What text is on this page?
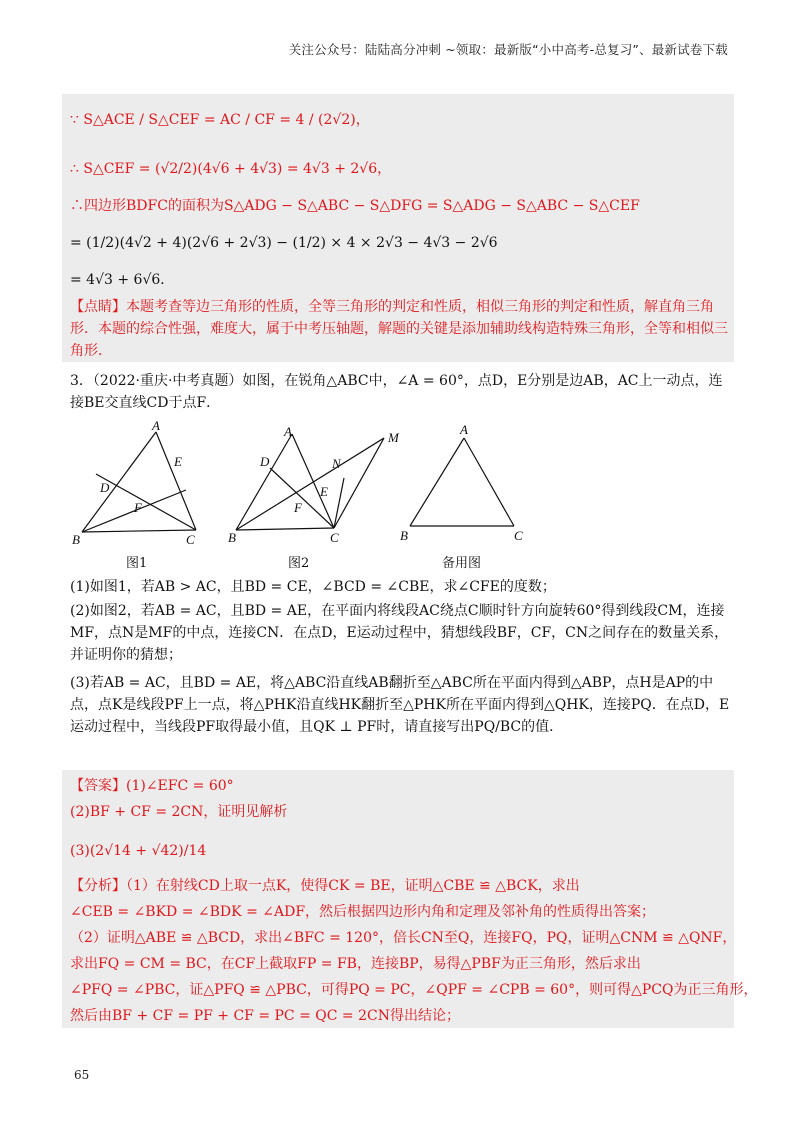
关注公众号：陆陆高分冲刺 ~领取：最新版“小中高考-总复习”、最新试卷下载
∵ S△ACE / S△CEF = AC / CF = 4 / (2√2)，
∴ S△CEF = (√2/2)(4√6 + 4√3) = 4√3 + 2√6，
∴四边形BDFC的面积为S△ADG − S△ABC − S△DFG = S△ADG − S△ABC − S△CEF
= (1/2)(4√2 + 4)(2√6 + 2√3) − (1/2) × 4 × 2√3 − 4√3 − 2√6
= 4√3 + 6√6．
【点睛】本题考查等边三角形的性质，全等三角形的判定和性质，相似三角形的判定和性质，解直角三角形．本题的综合性强，难度大，属于中考压轴题，解题的关键是添加辅助线构造特殊三角形，全等和相似三角形．
3．（2022·重庆·中考真题）如图，在锐角△ABC中，∠A = 60°，点D，E分别是边AB，AC上一动点，连接BE交直线CD于点F．
A
E
D
F
B	C
图1
A	M
D	N
E
F
B	C
图2
A
B	C
备用图
(1)如图1，若AB > AC，且BD = CE，∠BCD = ∠CBE，求∠CFE的度数；
(2)如图2，若AB = AC，且BD = AE，在平面内将线段AC绕点C顺时针方向旋转60°得到线段CM，连接MF，点N是MF的中点，连接CN．在点D，E运动过程中，猜想线段BF，CF，CN之间存在的数量关系，并证明你的猜想；
(3)若AB = AC，且BD = AE，将△ABC沿直线AB翻折至△ABC所在平面内得到△ABP，点H是AP的中点，点K是线段PF上一点，将△PHK沿直线HK翻折至△PHK所在平面内得到△QHK，连接PQ．在点D，E运动过程中，当线段PF取得最小值，且QK ⊥ PF时，请直接写出PQ/BC的值．
【答案】(1)∠EFC = 60°
(2)BF + CF = 2CN，证明见解析
(3)(2√14 + √42)/14
【分析】（1）在射线CD上取一点K，使得CK = BE，证明△CBE ≌ △BCK，求出
∠CEB = ∠BKD = ∠BDK = ∠ADF，然后根据四边形内角和定理及邻补角的性质得出答案；
（2）证明△ABE ≌ △BCD，求出∠BFC = 120°，倍长CN至Q，连接FQ，PQ，证明△CNM ≌ △QNF，
求出FQ = CM = BC，在CF上截取FP = FB，连接BP，易得△PBF为正三角形，然后求出
∠PFQ = ∠PBC，证△PFQ ≌ △PBC，可得PQ = PC，∠QPF = ∠CPB = 60°，则可得△PCQ为正三角形，
然后由BF + CF = PF + CF = PC = QC = 2CN得出结论；
65
